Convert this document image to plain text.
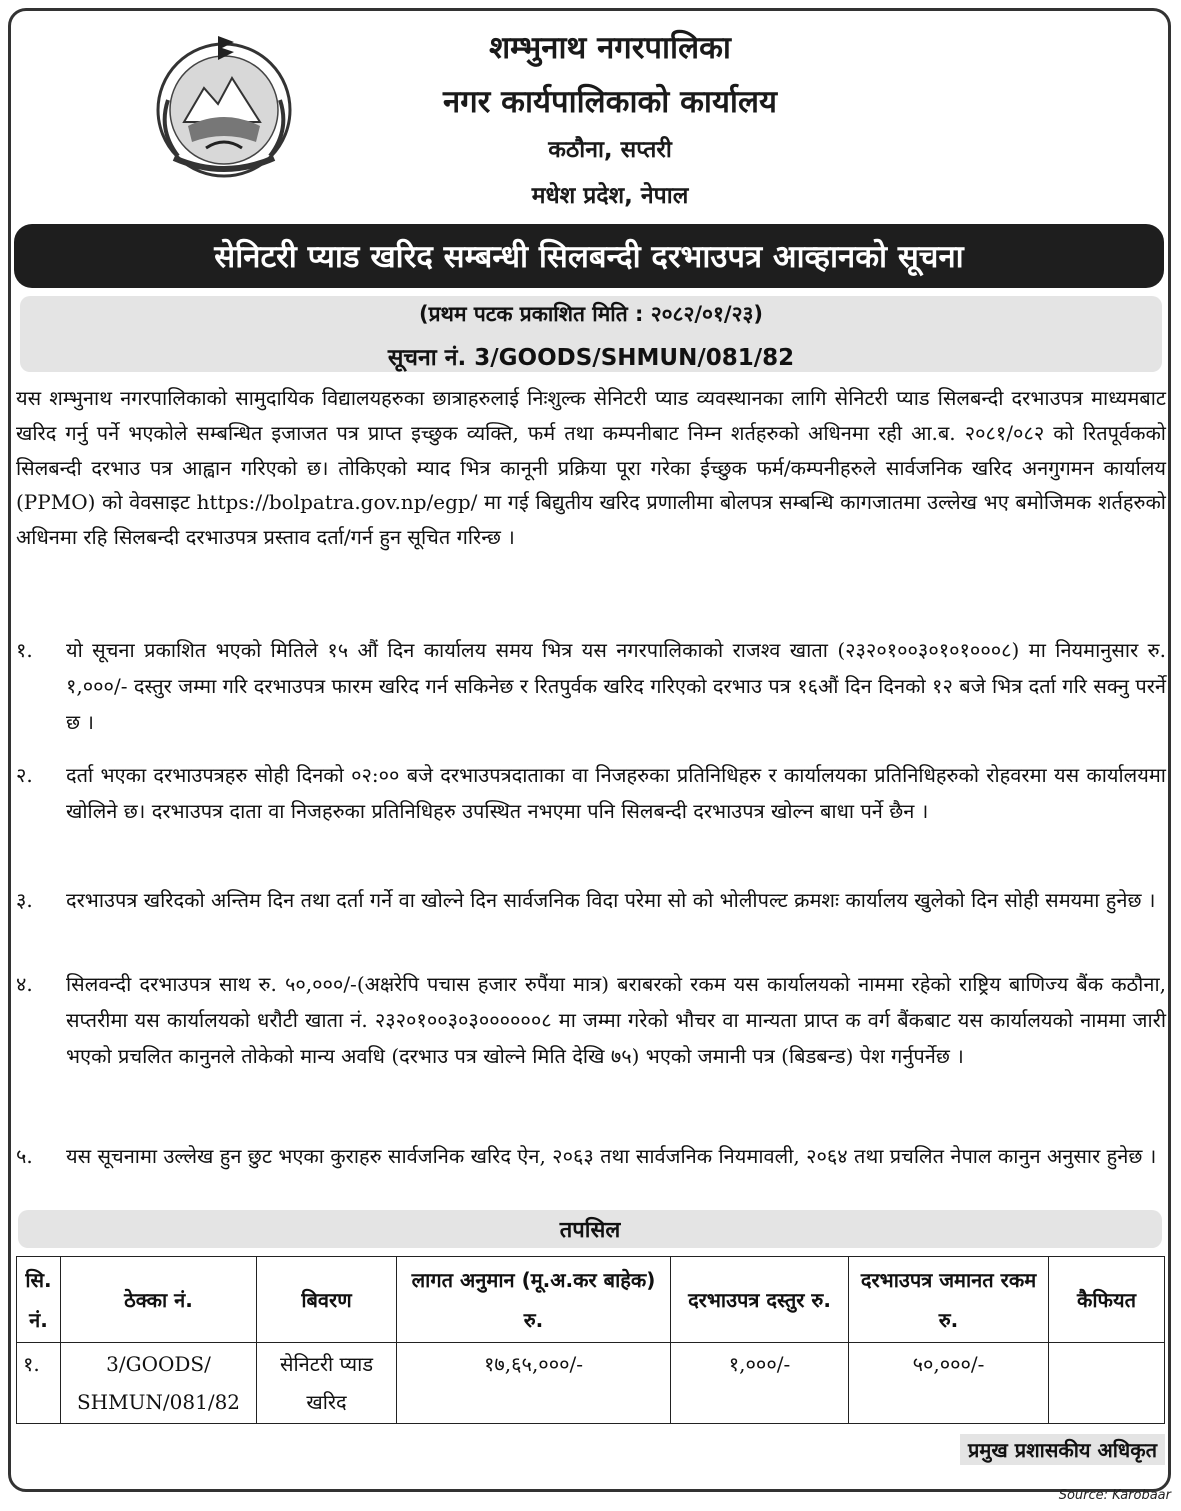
शम्भुनाथ नगरपालिका
नगर कार्यपालिकाको कार्यालय
कठौना, सप्तरी
मधेश प्रदेश, नेपाल
सेनिटरी प्याड खरिद सम्बन्धी सिलबन्दी दरभाउपत्र आव्हानको सूचना
(प्रथम पटक प्रकाशित मिति : २०८२/०१/२३)
सूचना नं. 3/GOODS/SHMUN/081/82
यस शम्भुनाथ नगरपालिकाको सामुदायिक विद्यालयहरुका छात्राहरुलाई निःशुल्क सेनिटरी प्याड व्यवस्थानका लागि सेनिटरी प्याड सिलबन्दी दरभाउपत्र माध्यमबाट खरिद गर्नु पर्ने भएकोले सम्बन्धित इजाजत पत्र प्राप्त इच्छुक व्यक्ति, फर्म तथा कम्पनीबाट निम्न शर्तहरुको अधिनमा रही आ.ब. २०८१/०८२ को रितपूर्वकको सिलबन्दी दरभाउ पत्र आह्वान गरिएको छ। तोकिएको म्याद भित्र कानूनी प्रक्रिया पूरा गरेका ईच्छुक फर्म/कम्पनीहरुले सार्वजनिक खरिद अनगुगमन कार्यालय (PPMO) को वेवसाइट https://bolpatra.gov.np/egp/ मा गई बिद्युतीय खरिद प्रणालीमा बोलपत्र सम्बन्धि कागजातमा उल्लेख भए बमोजिमक शर्तहरुको अधिनमा रहि सिलबन्दी दरभाउपत्र प्रस्ताव दर्ता/गर्न हुन सूचित गरिन्छ ।
१.	यो सूचना प्रकाशित भएको मितिले १५ औं दिन कार्यालय समय भित्र यस नगरपालिकाको राजश्व खाता (२३२०१००३०१०१०००८) मा नियमानुसार रु. १,०००/- दस्तुर जम्मा गरि दरभाउपत्र फारम खरिद गर्न सकिनेछ र रितपुर्वक खरिद गरिएको दरभाउ पत्र १६औं दिन दिनको १२ बजे भित्र दर्ता गरि सक्नु परर्ने छ ।
२.	दर्ता भएका दरभाउपत्रहरु सोही दिनको ०२:०० बजे दरभाउपत्रदाताका वा निजहरुका प्रतिनिधिहरु र कार्यालयका प्रतिनिधिहरुको रोहवरमा यस कार्यालयमा खोलिने छ। दरभाउपत्र दाता वा निजहरुका प्रतिनिधिहरु उपस्थित नभएमा पनि सिलबन्दी दरभाउपत्र खोल्न बाधा पर्ने छैन ।
३.	दरभाउपत्र खरिदको अन्तिम दिन तथा दर्ता गर्ने वा खोल्ने दिन सार्वजनिक विदा परेमा सो को भोलीपल्ट क्रमशः कार्यालय खुलेको दिन सोही समयमा हुनेछ ।
४.	सिलवन्दी दरभाउपत्र साथ रु. ५०,०००/-(अक्षरेपि पचास हजार रुपैंया मात्र) बराबरको रकम यस कार्यालयको नाममा रहेको राष्ट्रिय बाणिज्य बैंक कठौना, सप्तरीमा यस कार्यालयको धरौटी खाता नं. २३२०१००३०३००००००८ मा जम्मा गरेको भौचर वा मान्यता प्राप्त क वर्ग बैंकबाट यस कार्यालयको नाममा जारी भएको प्रचलित कानुनले तोकेको मान्य अवधि (दरभाउ पत्र खोल्ने मिति देखि ७५) भएको जमानी पत्र (बिडबन्ड) पेश गर्नुपर्नेछ ।
५.	यस सूचनामा उल्लेख हुन छुट भएका कुराहरु सार्वजनिक खरिद ऐन, २०६३ तथा सार्वजनिक नियमावली, २०६४ तथा प्रचलित नेपाल कानुन अनुसार हुनेछ ।
तपसिल
सि. नं.	ठेक्का नं.	बिवरण	लागत अनुमान (मू.अ.कर बाहेक) रु.	दरभाउपत्र दस्तुर रु.	दरभाउपत्र जमानत रकम रु.	कैफियत
१.	3/GOODS/ SHMUN/081/82	सेनिटरी प्याड खरिद	१७,६५,०००/-	१,०००/-	५०,०००/-	
प्रमुख प्रशासकीय अधिकृत
Source: Karobaar
